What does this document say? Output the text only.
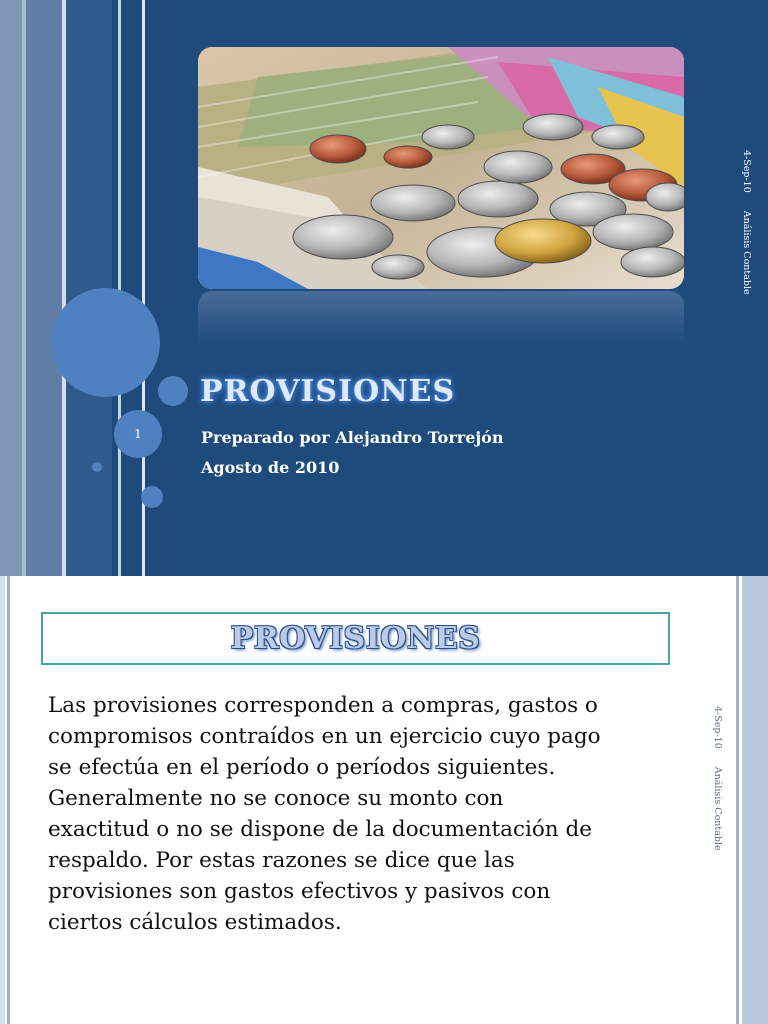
1
PROVISIONES
Preparado por Alejandro Torrejón
Agosto de 2010
4-Sep-10Análisis Contable
PROVISIONES
Las provisiones corresponden a compras, gastos o
compromisos contraídos en un ejercicio cuyo pago
se efectúa en el período o períodos siguientes.
Generalmente no se conoce su monto con
exactitud o no se dispone de la documentación de
respaldo. Por estas razones se dice que las
provisiones son gastos efectivos y pasivos con
ciertos cálculos estimados.
4-Sep-10Análisis Contable
